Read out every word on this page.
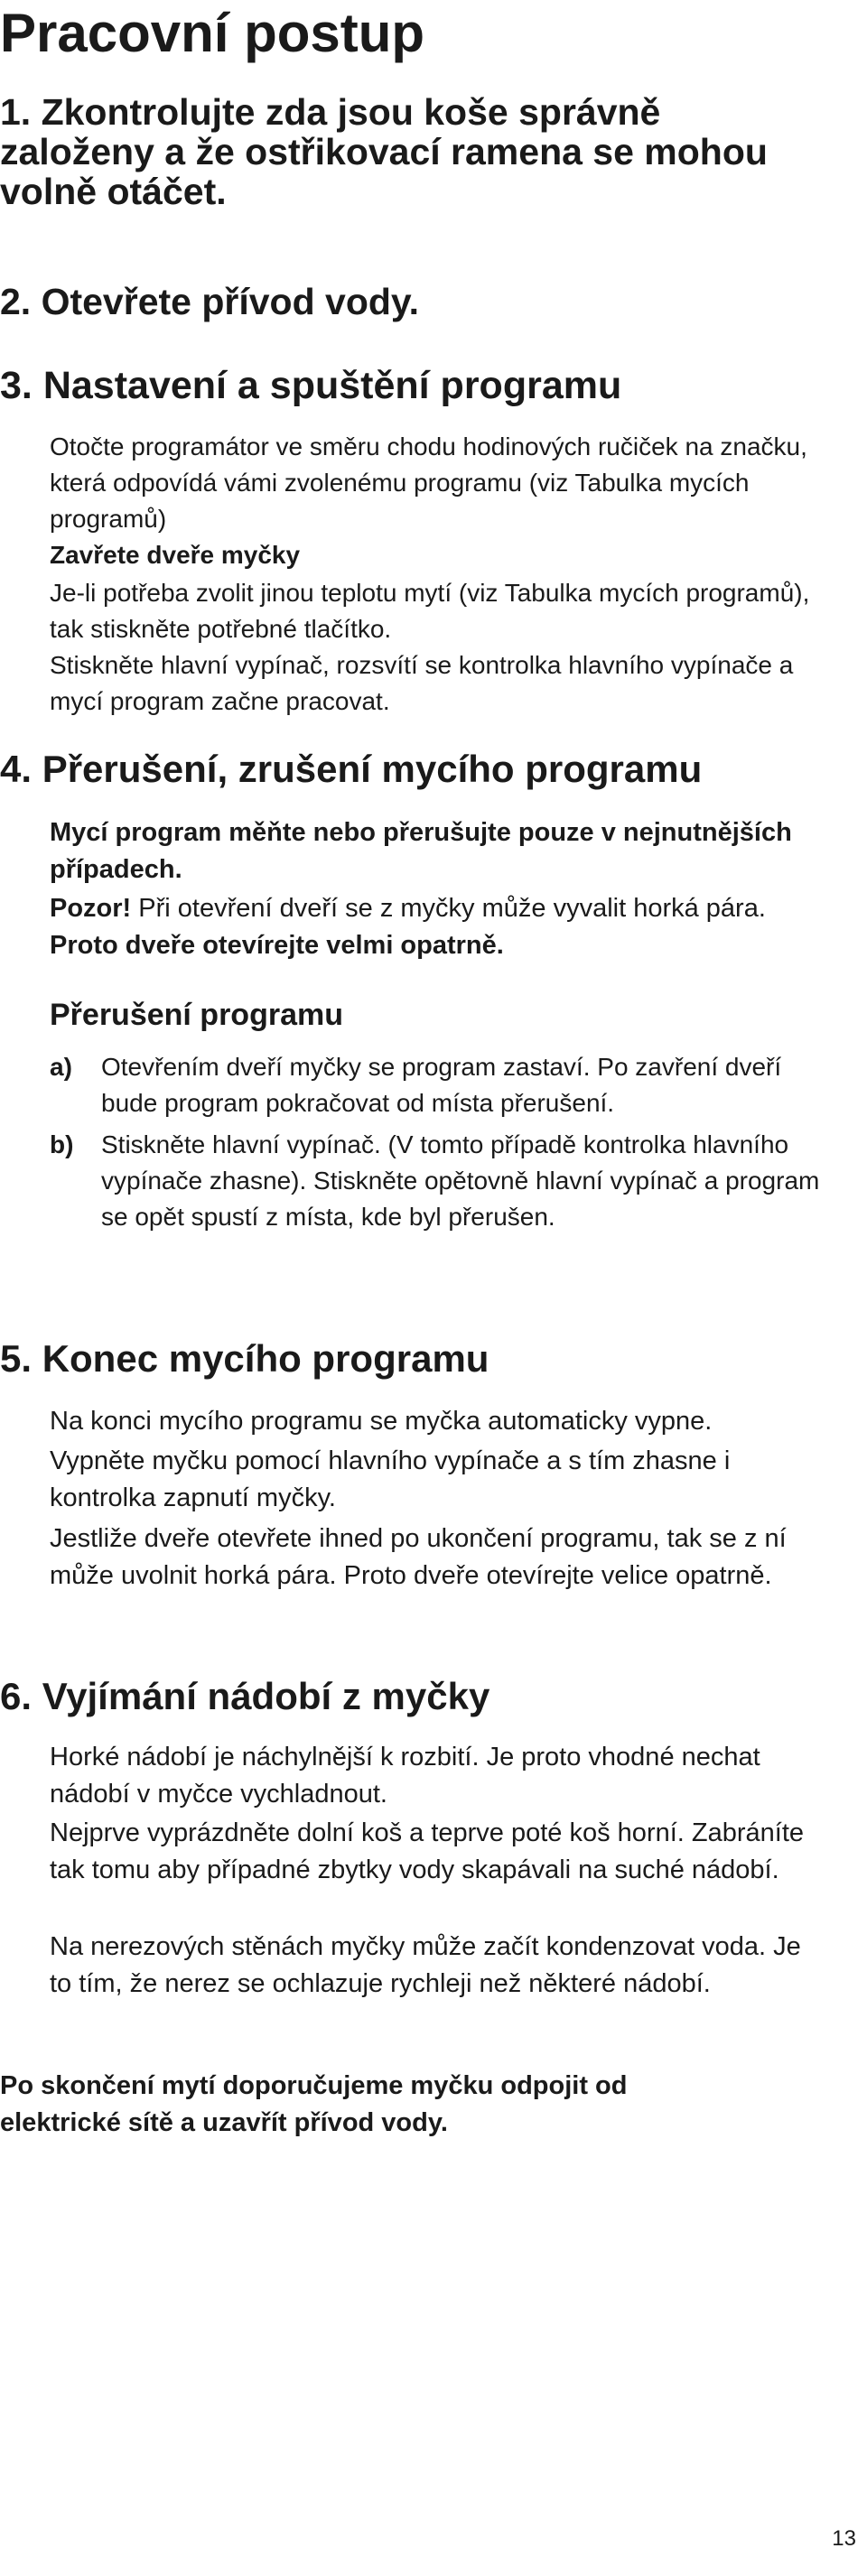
Pracovní postup
1. Zkontrolujte zda jsou koše správně založeny a že ostřikovací ramena se mohou volně otáčet.
2. Otevřete přívod vody.
3. Nastavení a spuštění programu

Otočte programátor ve směru chodu hodinových ručiček na značku, která odpovídá vámi zvolenému programu (viz Tabulka mycích programů)

Zavřete dveře myčky

Je-li potřeba zvolit jinou teplotu mytí (viz Tabulka mycích programů), tak stiskněte potřebné tlačítko.

Stiskněte hlavní vypínač, rozsvítí se kontrolka hlavního vypínače a mycí program začne pracovat.

4. Přerušení, zrušení mycího programu

Mycí program měňte nebo přerušujte pouze v nejnutnějších případech.

Pozor! Při otevření dveří se z myčky může vyvalit horká pára. Proto dveře otevírejte velmi opatrně.

Přerušení programu

a) Otevřením dveří myčky se program zastaví. Po zavření dveří bude program pokračovat od místa přerušení.

b) Stiskněte hlavní vypínač. (V tomto případě kontrolka hlavního vypínače zhasne). Stiskněte opětovně hlavní vypínač a program se opět spustí z místa, kde byl přerušen.

5. Konec mycího programu

Na konci mycího programu se myčka automaticky vypne.

Vypněte myčku pomocí hlavního vypínače a s tím zhasne i kontrolka zapnutí myčky.

Jestliže dveře otevřete ihned po ukončení programu, tak se z ní může uvolnit horká pára. Proto dveře otevírejte velice opatrně.

6. Vyjímání nádobí z myčky

Horké nádobí je náchylnější k rozbití. Je proto vhodné nechat nádobí v myčce vychladnout.

Nejprve vyprázdněte dolní koš a teprve poté koš horní. Zabráníte tak tomu aby případné zbytky vody skapávali na suché nádobí.

Na nerezových stěnách myčky může začít kondenzovat voda. Je to tím, že nerez se ochlazuje rychleji než některé nádobí.

Po skončení mytí doporučujeme myčku odpojit od elektrické sítě a uzavřít přívod vody.

13
